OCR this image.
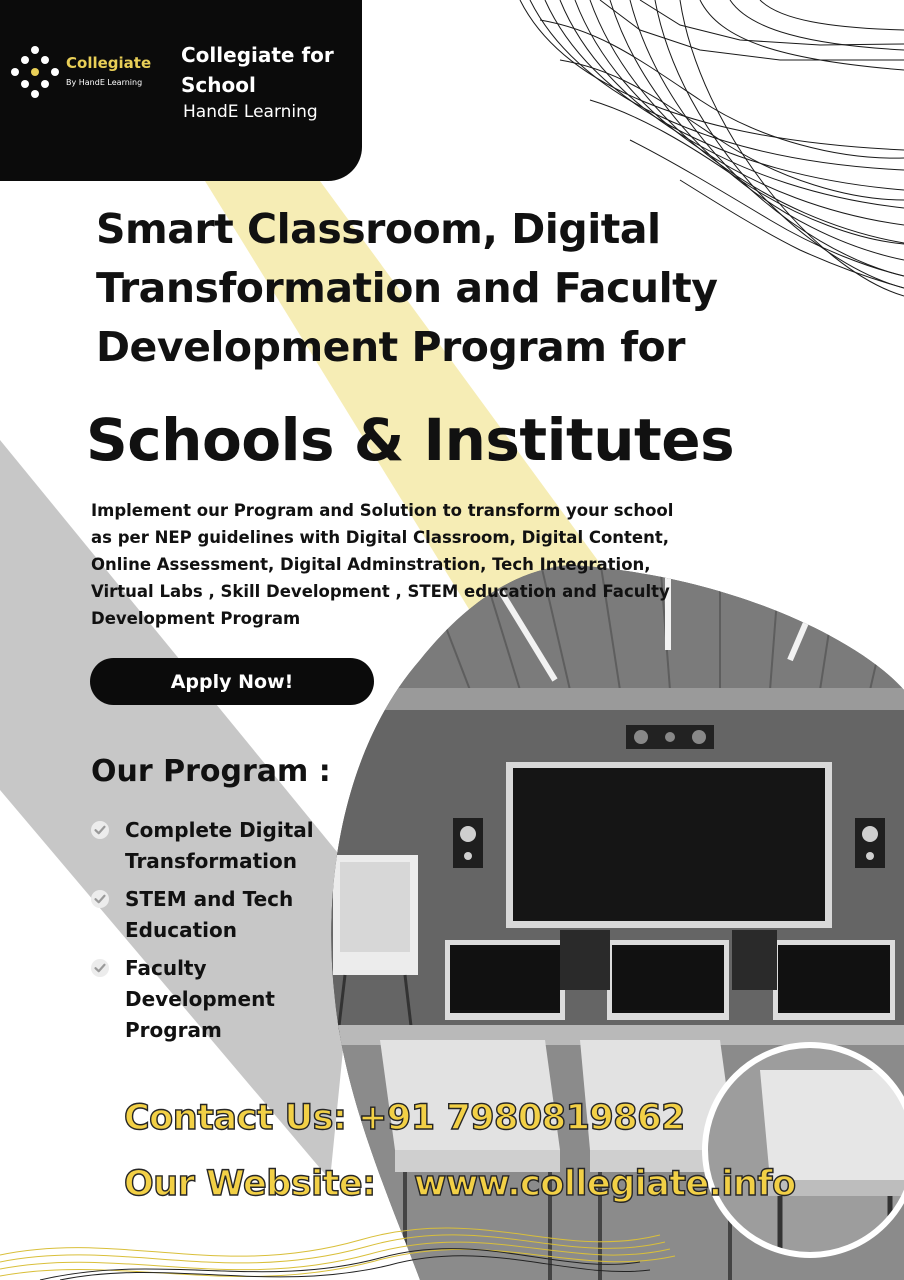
Collegiate
By HandE Learning
Collegiate for School
HandE Learning
Smart Classroom, Digital Transformation and Faculty Development Program for
Schools & Institutes
Implement our Program and Solution to transform your school as per NEP guidelines with Digital Classroom, Digital Content, Online Assessment, Digital Adminstration, Tech Integration, Virtual Labs , Skill Development , STEM education and Faculty Development Program
Apply Now!
Our Program :
Complete Digital Transformation
STEM and Tech Education
Faculty Development Program
Contact Us: +91 7980819862
Our Website: www.collegiate.info
